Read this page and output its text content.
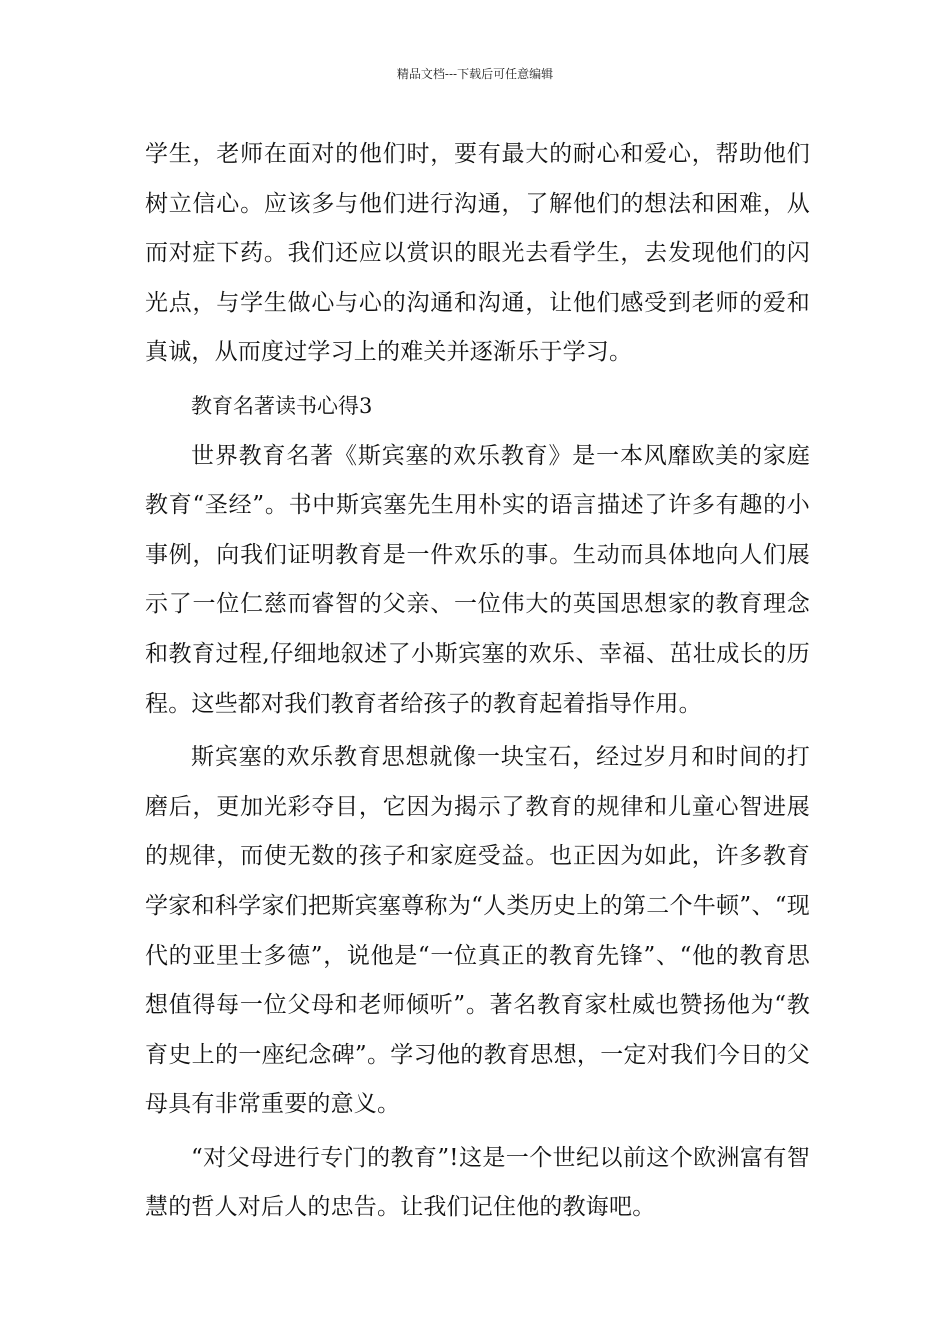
精品文档---下载后可任意编辑

学生，老师在面对的他们时，要有最大的耐心和爱心，帮助他们树立信心。应该多与他们进行沟通，了解他们的想法和困难，从而对症下药。我们还应以赏识的眼光去看学生，去发现他们的闪光点，与学生做心与心的沟通和沟通，让他们感受到老师的爱和真诚，从而度过学习上的难关并逐渐乐于学习。

教育名著读书心得3

世界教育名著《斯宾塞的欢乐教育》是一本风靡欧美的家庭教育“圣经”。书中斯宾塞先生用朴实的语言描述了许多有趣的小事例，向我们证明教育是一件欢乐的事。生动而具体地向人们展示了一位仁慈而睿智的父亲、一位伟大的英国思想家的教育理念和教育过程,仔细地叙述了小斯宾塞的欢乐、幸福、茁壮成长的历程。这些都对我们教育者给孩子的教育起着指导作用。

斯宾塞的欢乐教育思想就像一块宝石，经过岁月和时间的打磨后，更加光彩夺目，它因为揭示了教育的规律和儿童心智进展的规律，而使无数的孩子和家庭受益。也正因为如此，许多教育学家和科学家们把斯宾塞尊称为“人类历史上的第二个牛顿”、“现代的亚里士多德”，说他是“一位真正的教育先锋”、“他的教育思想值得每一位父母和老师倾听”。著名教育家杜威也赞扬他为“教育史上的一座纪念碑”。学习他的教育思想，一定对我们今日的父母具有非常重要的意义。

“对父母进行专门的教育”!这是一个世纪以前这个欧洲富有智慧的哲人对后人的忠告。让我们记住他的教诲吧。
